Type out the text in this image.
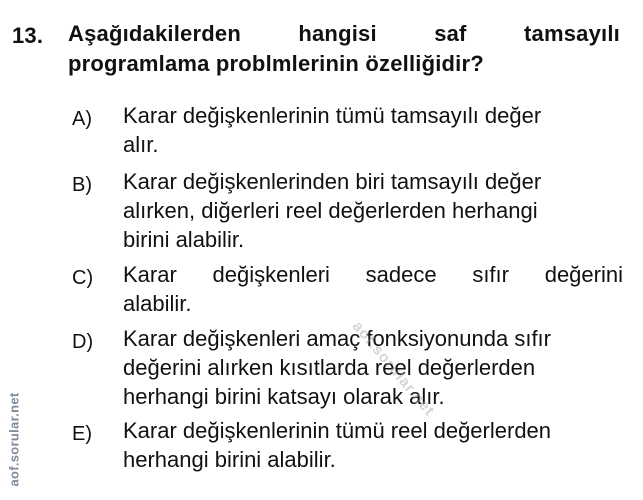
13. Aşağıdakilerden	hangisi	saf	tamsayılı
programlama problmlerinin özelliğidir?
A) Karar değişkenlerinin tümü tamsayılı değer
alır.
B) Karar değişkenlerinden biri tamsayılı değer
alırken, diğerleri reel değerlerden herhangi
birini alabilir.
C) Karar değişkenleri sadece sıfır değerini
alabilir.
D) Karar değişkenleri amaç fonksiyonunda sıfır
değerini alırken kısıtlarda reel değerlerden
herhangi birini katsayı olarak alır.
E) Karar değişkenlerinin tümü reel değerlerden
herhangi birini alabilir.
aof.sorular.net
aof.sorular.net
